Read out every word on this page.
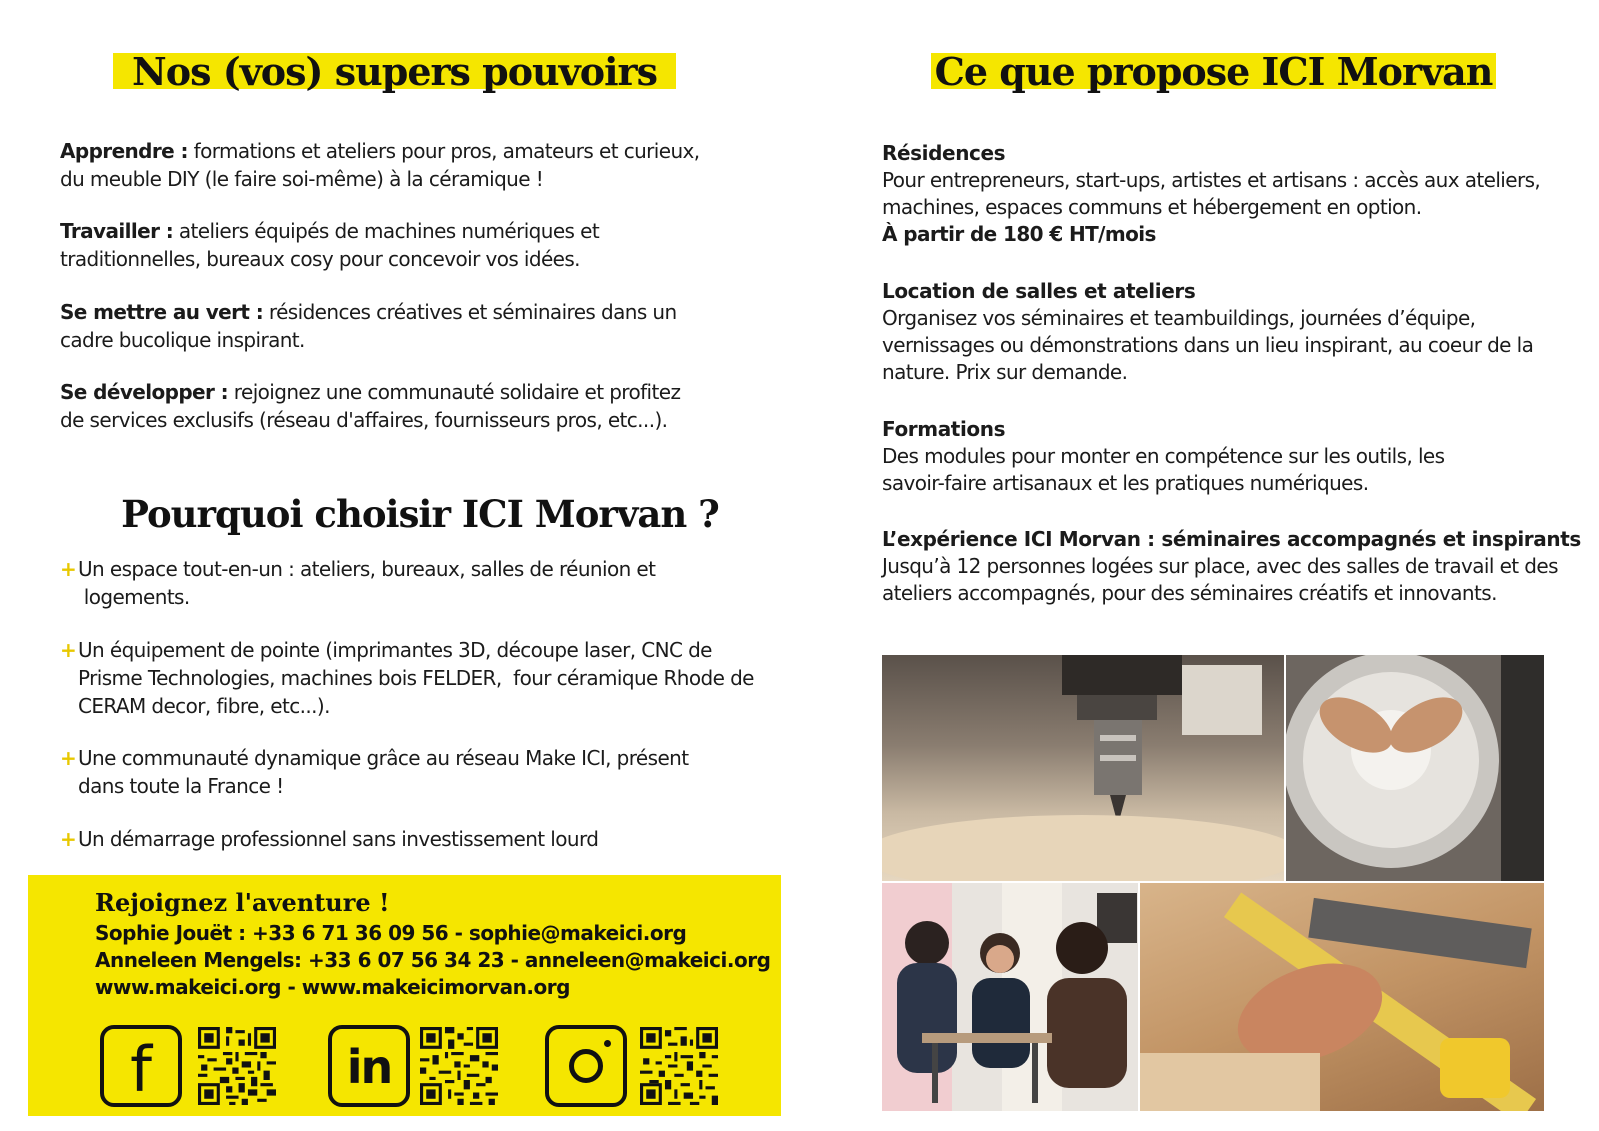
Nos (vos) supers pouvoirs
Apprendre : formations et ateliers pour pros, amateurs et curieux,
du meuble DIY (le faire soi-même) à la céramique !
Travailler : ateliers équipés de machines numériques et
traditionnelles, bureaux cosy pour concevoir vos idées.
Se mettre au vert : résidences créatives et séminaires dans un
cadre bucolique inspirant.
Se développer : rejoignez une communauté solidaire et profitez
de services exclusifs (réseau d'affaires, fournisseurs pros, etc...).
Pourquoi choisir ICI Morvan ?
+ Un espace tout-en-un : ateliers, bureaux, salles de réunion et
logements.
+ Un équipement de pointe (imprimantes 3D, découpe laser, CNC de
Prisme Technologies, machines bois FELDER,  four céramique Rhode de
CERAM decor, fibre, etc...).
+ Une communauté dynamique grâce au réseau Make ICI, présent
dans toute la France !
+ Un démarrage professionnel sans investissement lourd
Rejoignez l'aventure !
Sophie Jouët : +33 6 71 36 09 56 - sophie@makeici.org
Anneleen Mengels: +33 6 07 56 34 23 - anneleen@makeici.org
www.makeici.org - www.makeicimorvan.org
f	in
Ce que propose ICI Morvan
Résidences
Pour entrepreneurs, start-ups, artistes et artisans : accès aux ateliers,
machines, espaces communs et hébergement en option.
À partir de 180 € HT/mois
Location de salles et ateliers
Organisez vos séminaires et teambuildings, journées d’équipe,
vernissages ou démonstrations dans un lieu inspirant, au coeur de la
nature. Prix sur demande.
Formations
Des modules pour monter en compétence sur les outils, les
savoir-faire artisanaux et les pratiques numériques.
L’expérience ICI Morvan : séminaires accompagnés et inspirants
Jusqu’à 12 personnes logées sur place, avec des salles de travail et des
ateliers accompagnés, pour des séminaires créatifs et innovants.
